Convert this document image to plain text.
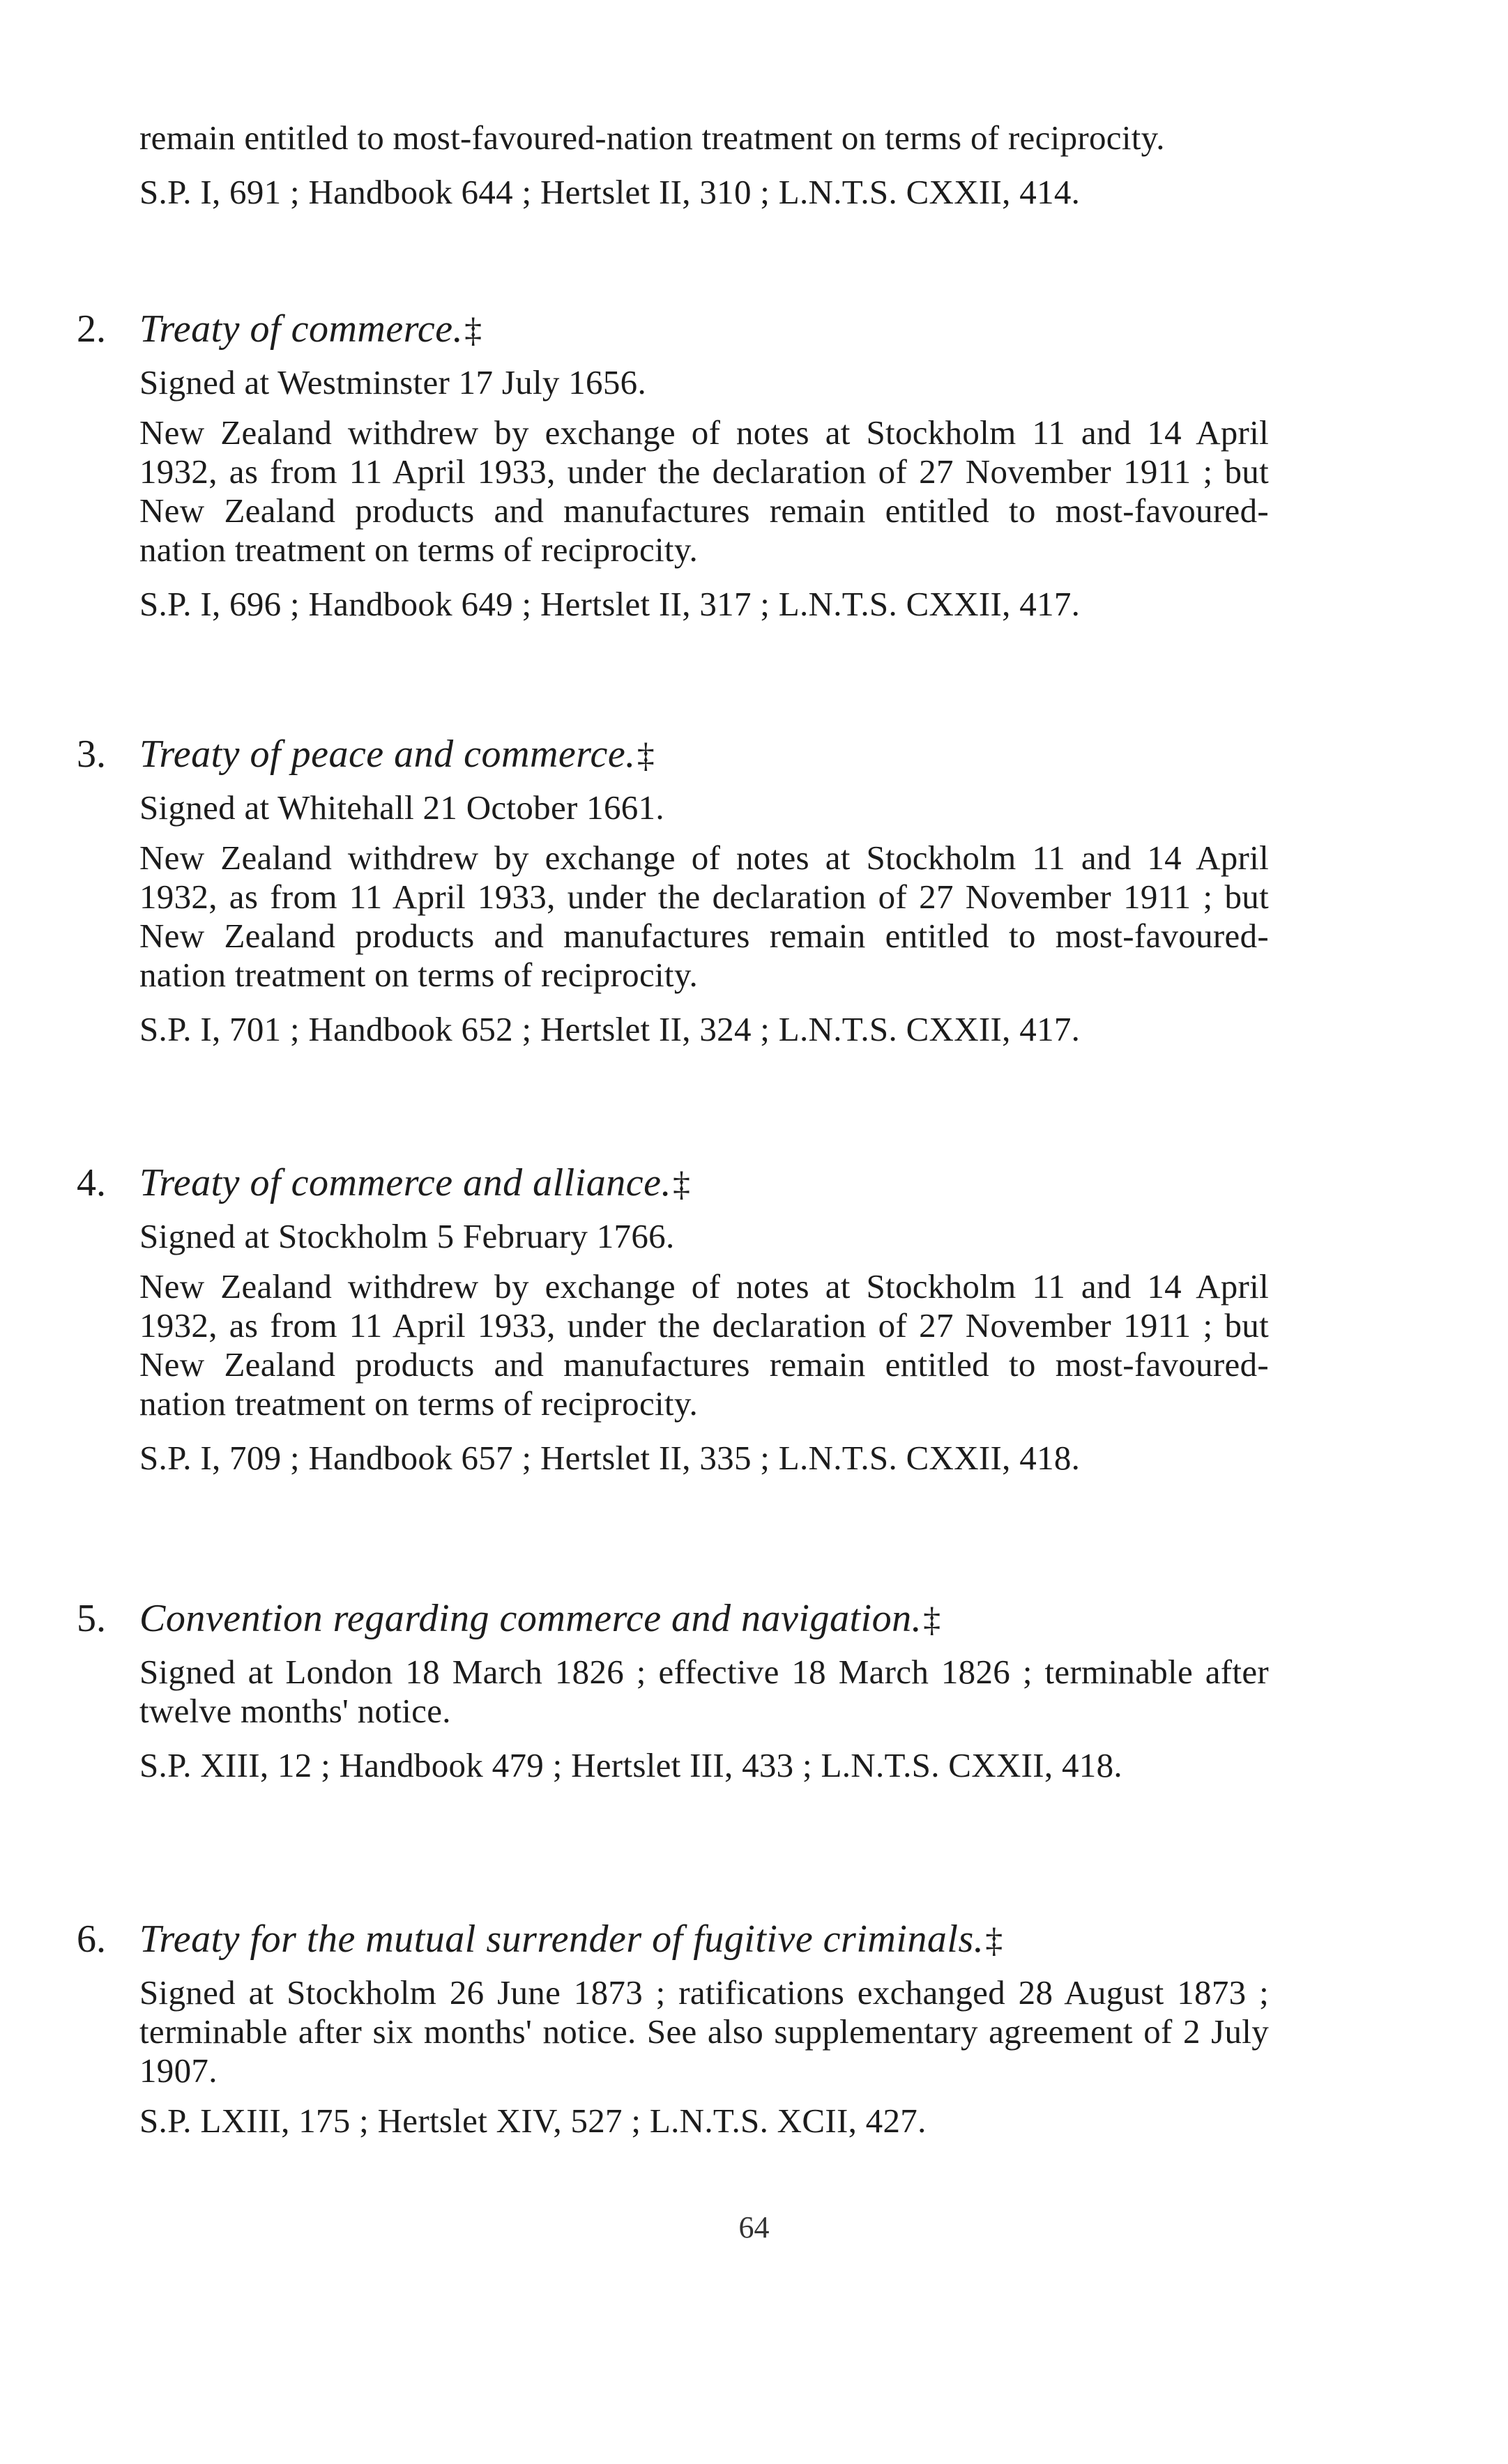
remain entitled to most-favoured-nation treatment on terms of reciprocity.

S.P. I, 691 ; Handbook 644 ; Hertslet II, 310 ; L.N.T.S. CXXII, 414.

2. Treaty of commerce.‡

Signed at Westminster 17 July 1656.

New Zealand withdrew by exchange of notes at Stockholm 11 and 14 April 1932, as from 11 April 1933, under the declaration of 27 November 1911 ; but New Zealand products and manufactures remain entitled to most-favoured-nation treatment on terms of reciprocity.

S.P. I, 696 ; Handbook 649 ; Hertslet II, 317 ; L.N.T.S. CXXII, 417.

3. Treaty of peace and commerce.‡

Signed at Whitehall 21 October 1661.

New Zealand withdrew by exchange of notes at Stockholm 11 and 14 April 1932, as from 11 April 1933, under the declaration of 27 November 1911 ; but New Zealand products and manufactures remain entitled to most-favoured-nation treatment on terms of reciprocity.

S.P. I, 701 ; Handbook 652 ; Hertslet II, 324 ; L.N.T.S. CXXII, 417.

4. Treaty of commerce and alliance.‡

Signed at Stockholm 5 February 1766.

New Zealand withdrew by exchange of notes at Stockholm 11 and 14 April 1932, as from 11 April 1933, under the declaration of 27 November 1911 ; but New Zealand products and manufactures remain entitled to most-favoured-nation treatment on terms of reciprocity.

S.P. I, 709 ; Handbook 657 ; Hertslet II, 335 ; L.N.T.S. CXXII, 418.

5. Convention regarding commerce and navigation.‡

Signed at London 18 March 1826 ; effective 18 March 1826 ; terminable after twelve months' notice.

S.P. XIII, 12 ; Handbook 479 ; Hertslet III, 433 ; L.N.T.S. CXXII, 418.

6. Treaty for the mutual surrender of fugitive criminals.‡

Signed at Stockholm 26 June 1873 ; ratifications exchanged 28 August 1873 ; terminable after six months' notice. See also supplementary agreement of 2 July 1907.

S.P. LXIII, 175 ; Hertslet XIV, 527 ; L.N.T.S. XCII, 427.

64
